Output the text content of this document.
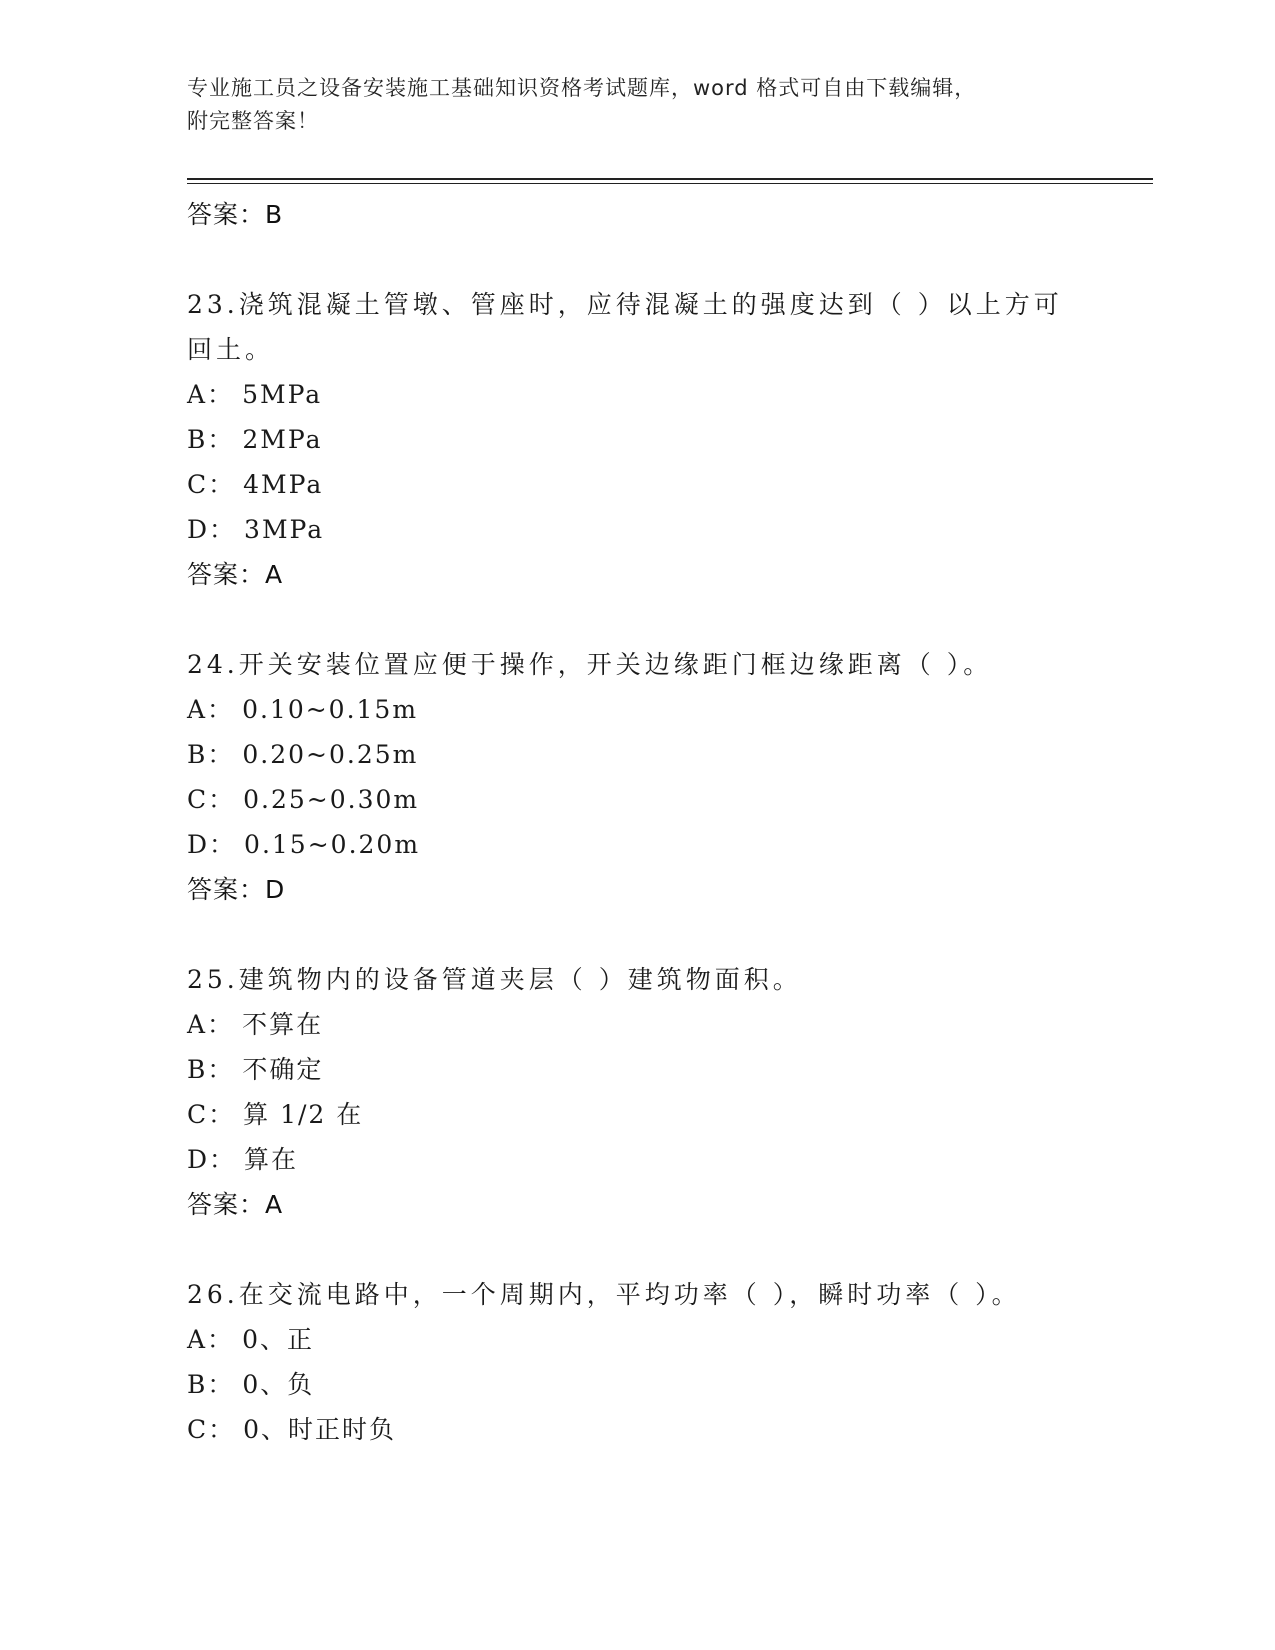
专业施工员之设备安装施工基础知识资格考试题库，word 格式可自由下载编辑，
附完整答案！
答案：B
23.浇筑混凝土管墩、管座时，应待混凝土的强度达到（ ）以上方可
回土。
A： 5MPa
B： 2MPa
C： 4MPa
D： 3MPa
答案：A
24.开关安装位置应便于操作，开关边缘距门框边缘距离（ ）。
A： 0.10~0.15m
B： 0.20~0.25m
C： 0.25~0.30m
D： 0.15~0.20m
答案：D
25.建筑物内的设备管道夹层（ ）建筑物面积。
A： 不算在
B： 不确定
C： 算 1/2 在
D： 算在
答案：A
26.在交流电路中，一个周期内，平均功率（ ），瞬时功率（ ）。
A： 0、正
B： 0、负
C： 0、时正时负
